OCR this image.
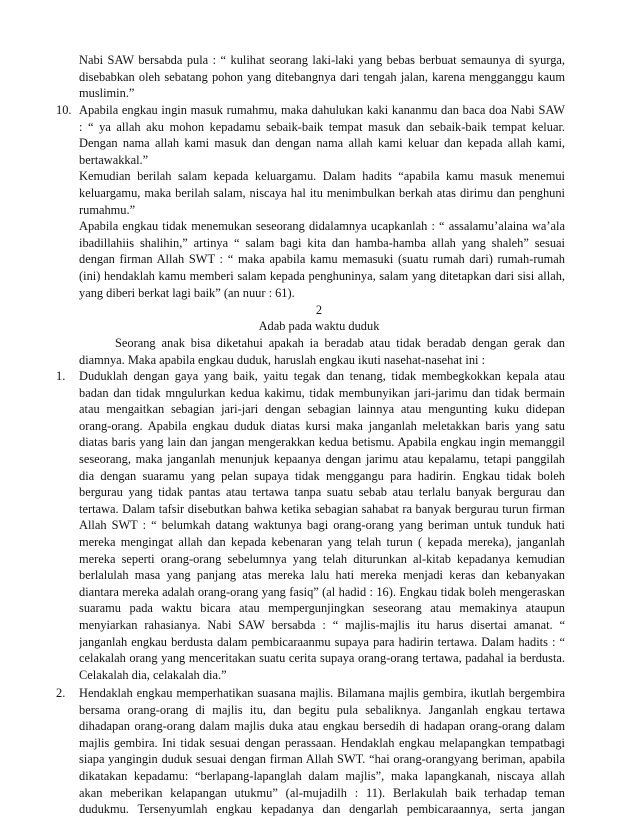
Nabi SAW bersabda pula : “ kulihat seorang laki-laki yang bebas berbuat semaunya di syurga,
disebabkan oleh sebatang pohon yang ditebangnya dari tengah jalan, karena mengganggu kaum
muslimin.”
10. Apabila engkau ingin masuk rumahmu, maka dahulukan kaki kananmu dan baca doa Nabi SAW
: “ ya allah aku mohon kepadamu sebaik-baik tempat masuk dan sebaik-baik tempat keluar.
Dengan nama allah kami masuk dan dengan nama allah kami keluar dan kepada allah kami,
bertawakkal.”
Kemudian berilah salam kepada keluargamu. Dalam hadits “apabila kamu masuk menemui
keluargamu, maka berilah salam, niscaya hal itu menimbulkan berkah atas dirimu dan penghuni
rumahmu.”
Apabila engkau tidak menemukan seseorang didalamnya ucapkanlah : “ assalamu’alaina wa’ala
ibadillahiis shalihin,” artinya “ salam bagi kita dan hamba-hamba allah yang shaleh” sesuai
dengan firman Allah SWT : “ maka apabila kamu memasuki (suatu rumah dari) rumah-rumah
(ini) hendaklah kamu memberi salam kepada penghuninya, salam yang ditetapkan dari sisi allah,
yang diberi berkat lagi baik” (an nuur : 61).
2
Adab pada waktu duduk
Seorang anak bisa diketahui apakah ia beradab atau tidak beradab dengan gerak dan
diamnya. Maka apabila engkau duduk, haruslah engkau ikuti nasehat-nasehat ini :
1. Duduklah dengan gaya yang baik, yaitu tegak dan tenang, tidak membegkokkan kepala atau
badan dan tidak mngulurkan kedua kakimu, tidak membunyikan jari-jarimu dan tidak bermain
atau mengaitkan sebagian jari-jari dengan sebagian lainnya atau mengunting kuku didepan
orang-orang. Apabila engkau duduk diatas kursi maka janganlah meletakkan baris yang satu
diatas baris yang lain dan jangan mengerakkan kedua betismu. Apabila engkau ingin memanggil
seseorang, maka janganlah menunjuk kepaanya dengan jarimu atau kepalamu, tetapi panggilah
dia dengan suaramu yang pelan supaya tidak menggangu para hadirin. Engkau tidak boleh
bergurau yang tidak pantas atau tertawa tanpa suatu sebab atau terlalu banyak bergurau dan
tertawa. Dalam tafsir disebutkan bahwa ketika sebagian sahabat ra banyak bergurau turun firman
Allah SWT : “ belumkah datang waktunya bagi orang-orang yang beriman untuk tunduk hati
mereka mengingat allah dan kepada kebenaran yang telah turun ( kepada mereka), janganlah
mereka seperti orang-orang sebelumnya yang telah diturunkan al-kitab kepadanya kemudian
berlalulah masa yang panjang atas mereka lalu hati mereka menjadi keras dan kebanyakan
diantara mereka adalah orang-orang yang fasiq” (al hadid : 16). Engkau tidak boleh mengeraskan
suaramu pada waktu bicara atau mempergunjingkan seseorang atau memakinya ataupun
menyiarkan rahasianya. Nabi SAW bersabda : “ majlis-majlis itu harus disertai amanat. “
janganlah engkau berdusta dalam pembicaraanmu supaya para hadirin tertawa. Dalam hadits : “
celakalah orang yang menceritakan suatu cerita supaya orang-orang tertawa, padahal ia berdusta.
Celakalah dia, celakalah dia.”
2. Hendaklah engkau memperhatikan suasana majlis. Bilamana majlis gembira, ikutlah bergembira
bersama orang-orang di majlis itu, dan begitu pula sebaliknya. Janganlah engkau tertawa
dihadapan orang-orang dalam majlis duka atau engkau bersedih di hadapan orang-orang dalam
majlis gembira. Ini tidak sesuai dengan perassaan. Hendaklah engkau melapangkan tempatbagi
siapa yangingin duduk sesuai dengan firman Allah SWT. “hai orang-orangyang beriman, apabila
dikatakan kepadamu: “berlapang-lapanglah dalam majlis”, maka lapangkanah, niscaya allah
akan meberikan kelapangan utukmu” (al-mujadilh : 11). Berlakulah baik terhadap teman
dudukmu. Tersenyumlah engkau kepadanya dan dengarlah pembicaraannya, serta jangan
